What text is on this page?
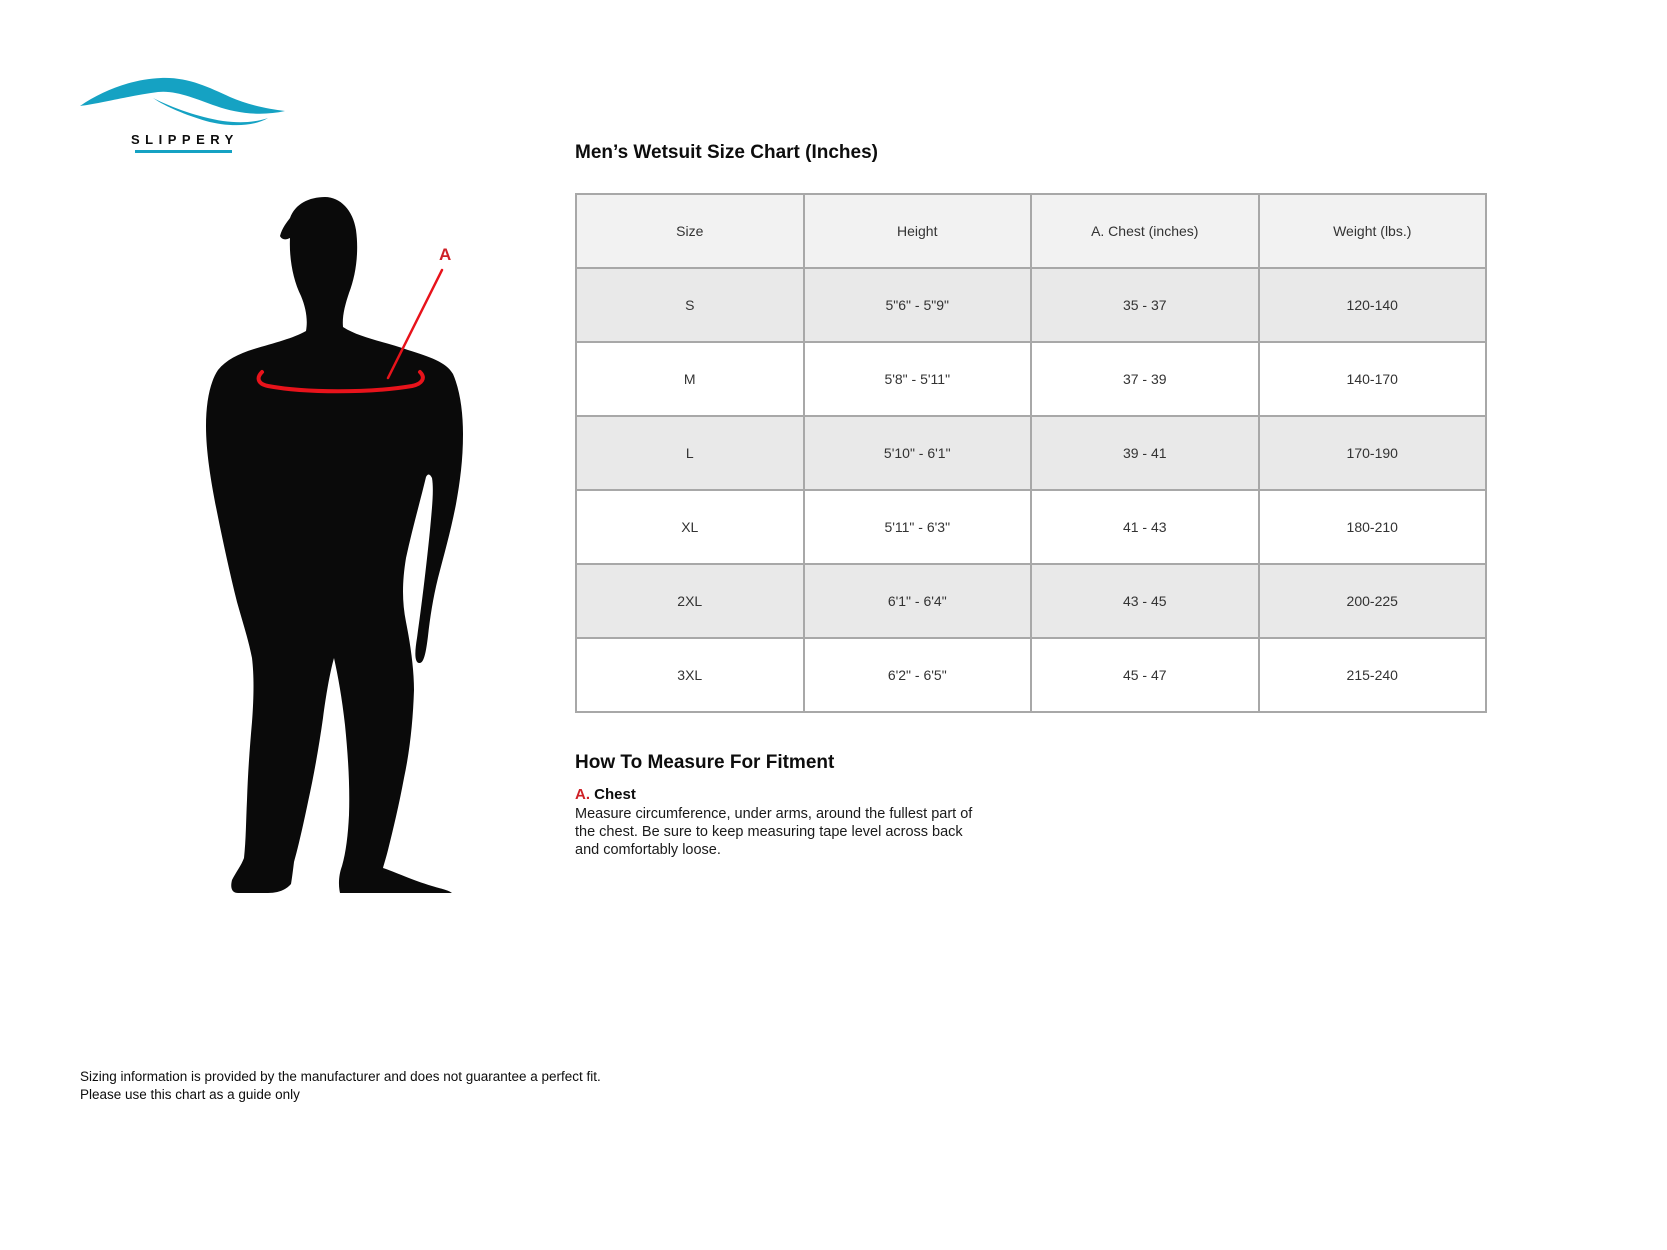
SLIPPERY
A
Men’s Wetsuit Size Chart (Inches)
Size	Height	A. Chest (inches)	Weight (lbs.)
S	5"6" - 5"9"	35 - 37	120-140
M	5'8" - 5'11"	37 - 39	140-170
L	5'10" - 6'1"	39 - 41	170-190
XL	5'11" - 6'3"	41 - 43	180-210
2XL	6'1" - 6'4"	43 - 45	200-225
3XL	6'2" - 6'5"	45 - 47	215-240
How To Measure For Fitment
A. Chest
Measure circumference, under arms, around the fullest part of the chest. Be sure to keep measuring tape level across back and comfortably loose.
Sizing information is provided by the manufacturer and does not guarantee a perfect fit.
Please use this chart as a guide only
